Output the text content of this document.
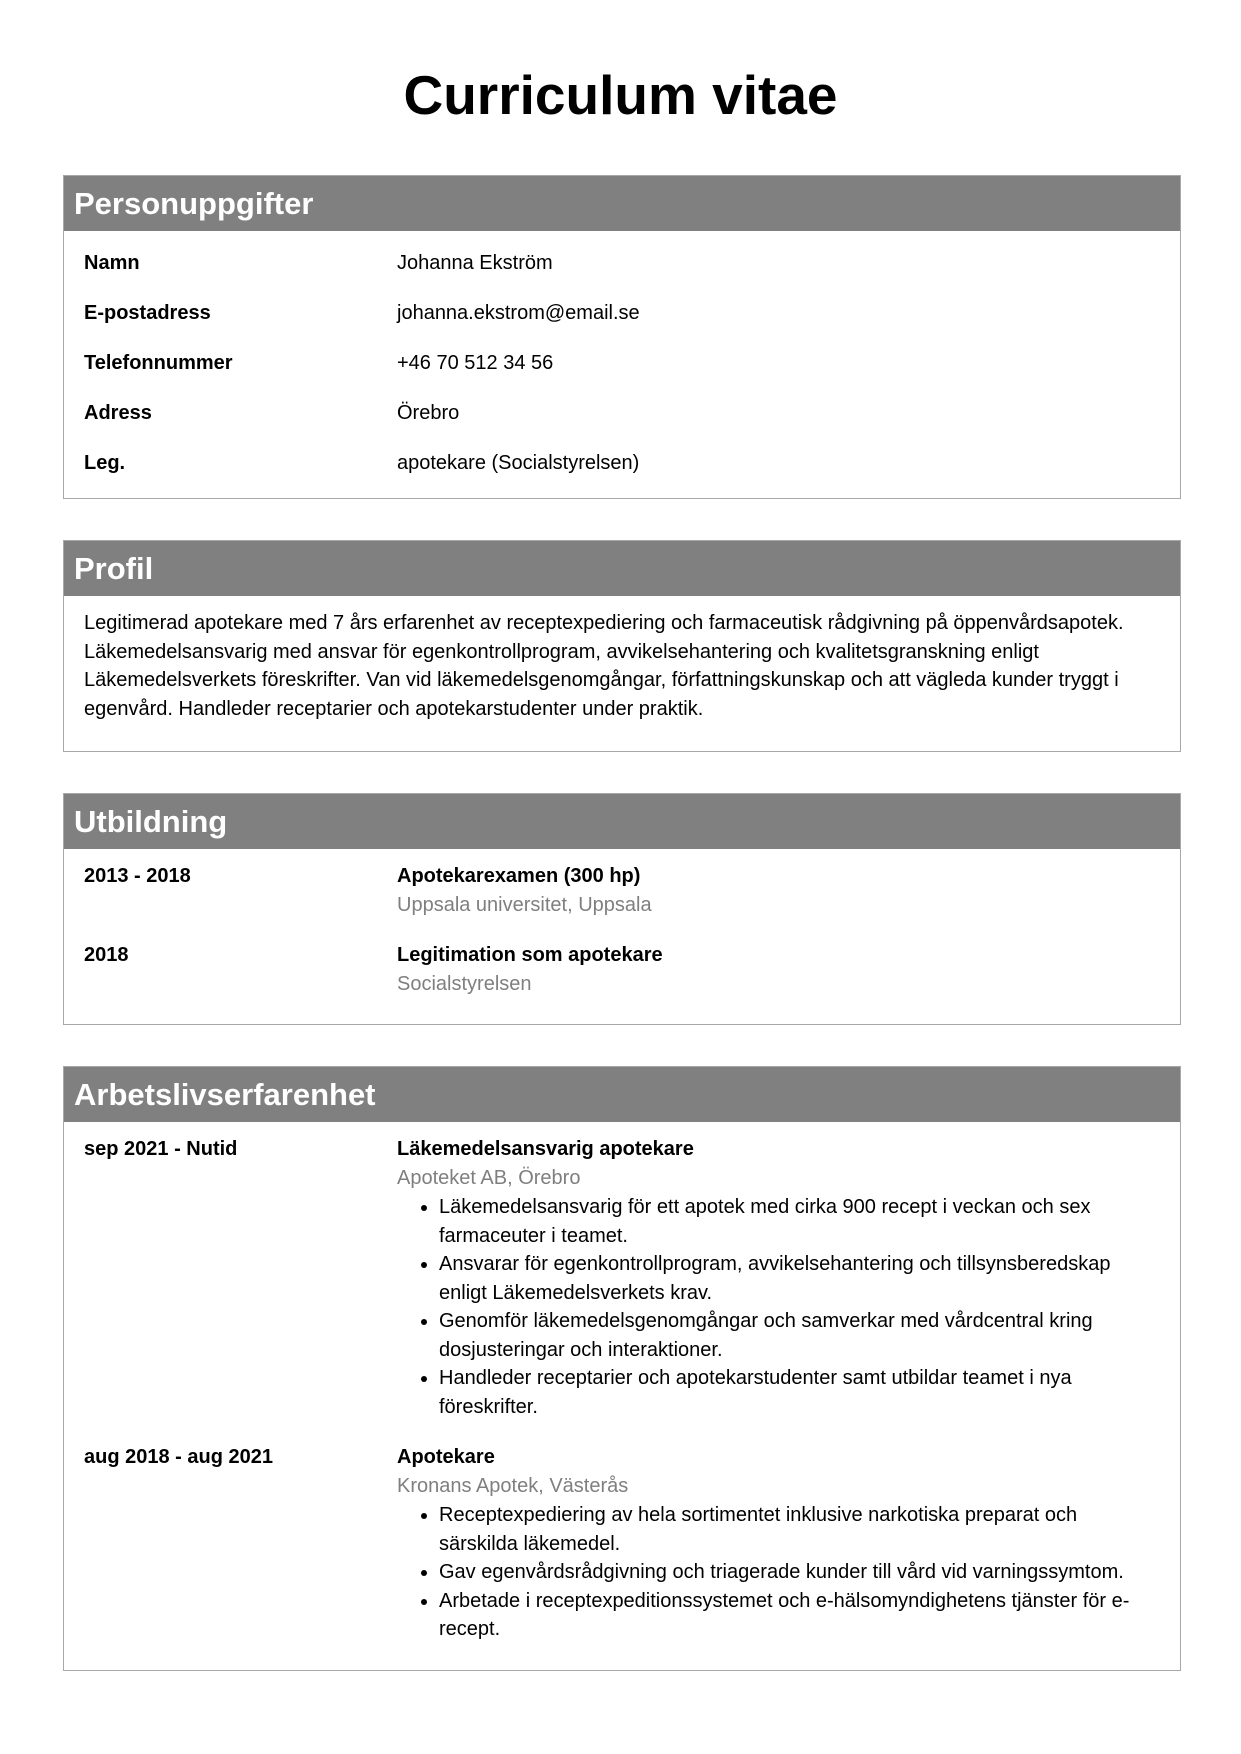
Curriculum vitae
Personuppgifter
Namn	Johanna Ekström
E-postadress	johanna.ekstrom@email.se
Telefonnummer	+46 70 512 34 56
Adress	Örebro
Leg.	apotekare (Socialstyrelsen)
Profil

Legitimerad apotekare med 7 års erfarenhet av receptexpediering och farmaceutisk rådgivning på öppenvårdsapotek. Läkemedelsansvarig med ansvar för egenkontrollprogram, avvikelsehantering och kvalitetsgranskning enligt Läkemedelsverkets föreskrifter. Van vid läkemedelsgenomgångar, författningskunskap och att vägleda kunder tryggt i egenvård. Handleder receptarier och apotekarstudenter under praktik.

Utbildning
2013 - 2018	Apotekarexamen (300 hp)
Uppsala universitet, Uppsala
2018	Legitimation som apotekare
Socialstyrelsen
Arbetslivserfarenhet
sep 2021 - Nutid	Läkemedelsansvarig apotekare
Apoteket AB, Örebro
• Läkemedelsansvarig för ett apotek med cirka 900 recept i veckan och sex farmaceuter i teamet.
• Ansvarar för egenkontrollprogram, avvikelsehantering och tillsynsberedskap enligt Läkemedelsverkets krav.
• Genomför läkemedelsgenomgångar och samverkar med vårdcentral kring dosjusteringar och interaktioner.
• Handleder receptarier och apotekarstudenter samt utbildar teamet i nya föreskrifter.
aug 2018 - aug 2021	Apotekare
Kronans Apotek, Västerås
• Receptexpediering av hela sortimentet inklusive narkotiska preparat och särskilda läkemedel.
• Gav egenvårdsrådgivning och triagerade kunder till vård vid varningssymtom.
• Arbetade i receptexpeditionssystemet och e-hälsomyndighetens tjänster för e-recept.
